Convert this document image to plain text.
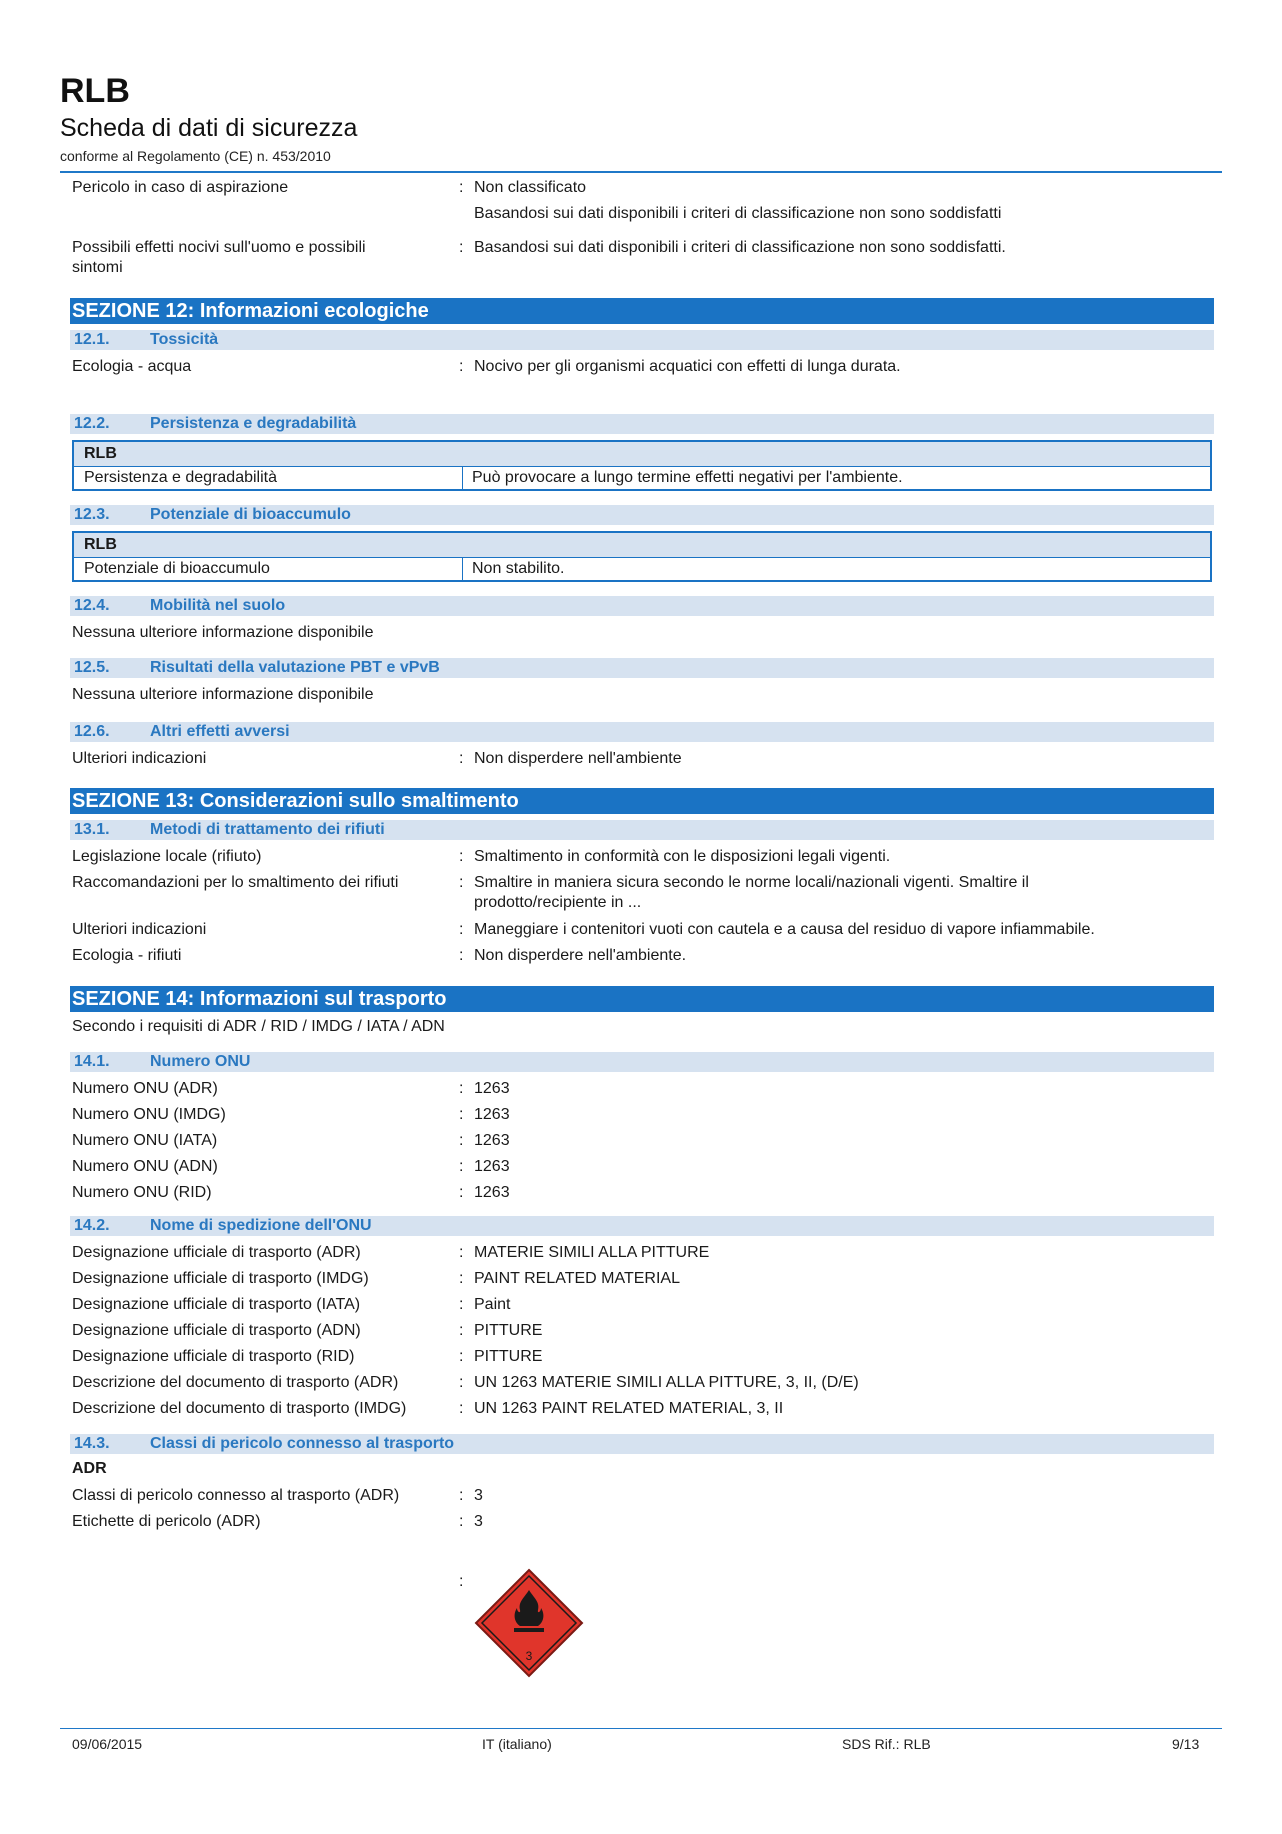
RLB
Scheda di dati di sicurezza
conforme al Regolamento (CE) n. 453/2010
Pericolo in caso di aspirazione	: Non classificato
Basandosi sui dati disponibili i criteri di classificazione non sono soddisfatti
Possibili effetti nocivi sull'uomo e possibili sintomi
: Basandosi sui dati disponibili i criteri di classificazione non sono soddisfatti.
SEZIONE 12: Informazioni ecologiche
12.1.	Tossicità
Ecologia - acqua	: Nocivo per gli organismi acquatici con effetti di lunga durata.
12.2.	Persistenza e degradabilità
RLB
Persistenza e degradabilità	Può provocare a lungo termine effetti negativi per l'ambiente.
12.3.	Potenziale di bioaccumulo
RLB
Potenziale di bioaccumulo	Non stabilito.
12.4.	Mobilità nel suolo
Nessuna ulteriore informazione disponibile
12.5.	Risultati della valutazione PBT e vPvB
Nessuna ulteriore informazione disponibile
12.6.	Altri effetti avversi
Ulteriori indicazioni	: Non disperdere nell'ambiente
SEZIONE 13: Considerazioni sullo smaltimento
13.1.	Metodi di trattamento dei rifiuti
Legislazione locale (rifiuto)	: Smaltimento in conformità con le disposizioni legali vigenti.
Raccomandazioni per lo smaltimento dei rifiuti	: Smaltire in maniera sicura secondo le norme locali/nazionali vigenti. Smaltire il prodotto/recipiente in ...
Ulteriori indicazioni	: Maneggiare i contenitori vuoti con cautela e a causa del residuo di vapore infiammabile.
Ecologia - rifiuti	: Non disperdere nell'ambiente.
SEZIONE 14: Informazioni sul trasporto
Secondo i requisiti di ADR / RID / IMDG / IATA / ADN
14.1.	Numero ONU
Numero ONU (ADR)	: 1263
Numero ONU (IMDG)	: 1263
Numero ONU (IATA)	: 1263
Numero ONU (ADN)	: 1263
Numero ONU (RID)	: 1263
14.2.	Nome di spedizione dell'ONU
Designazione ufficiale di trasporto (ADR)	: MATERIE SIMILI ALLA PITTURE
Designazione ufficiale di trasporto (IMDG)	: PAINT RELATED MATERIAL
Designazione ufficiale di trasporto (IATA)	: Paint
Designazione ufficiale di trasporto (ADN)	: PITTURE
Designazione ufficiale di trasporto (RID)	: PITTURE
Descrizione del documento di trasporto (ADR)	: UN 1263 MATERIE SIMILI ALLA PITTURE, 3, II, (D/E)
Descrizione del documento di trasporto (IMDG)	: UN 1263 PAINT RELATED MATERIAL, 3, II
14.3.	Classi di pericolo connesso al trasporto
ADR
Classi di pericolo connesso al trasporto (ADR)	: 3
Etichette di pericolo (ADR)	: 3
:
3
09/06/2015	IT (italiano)	SDS Rif.: RLB	9/13
